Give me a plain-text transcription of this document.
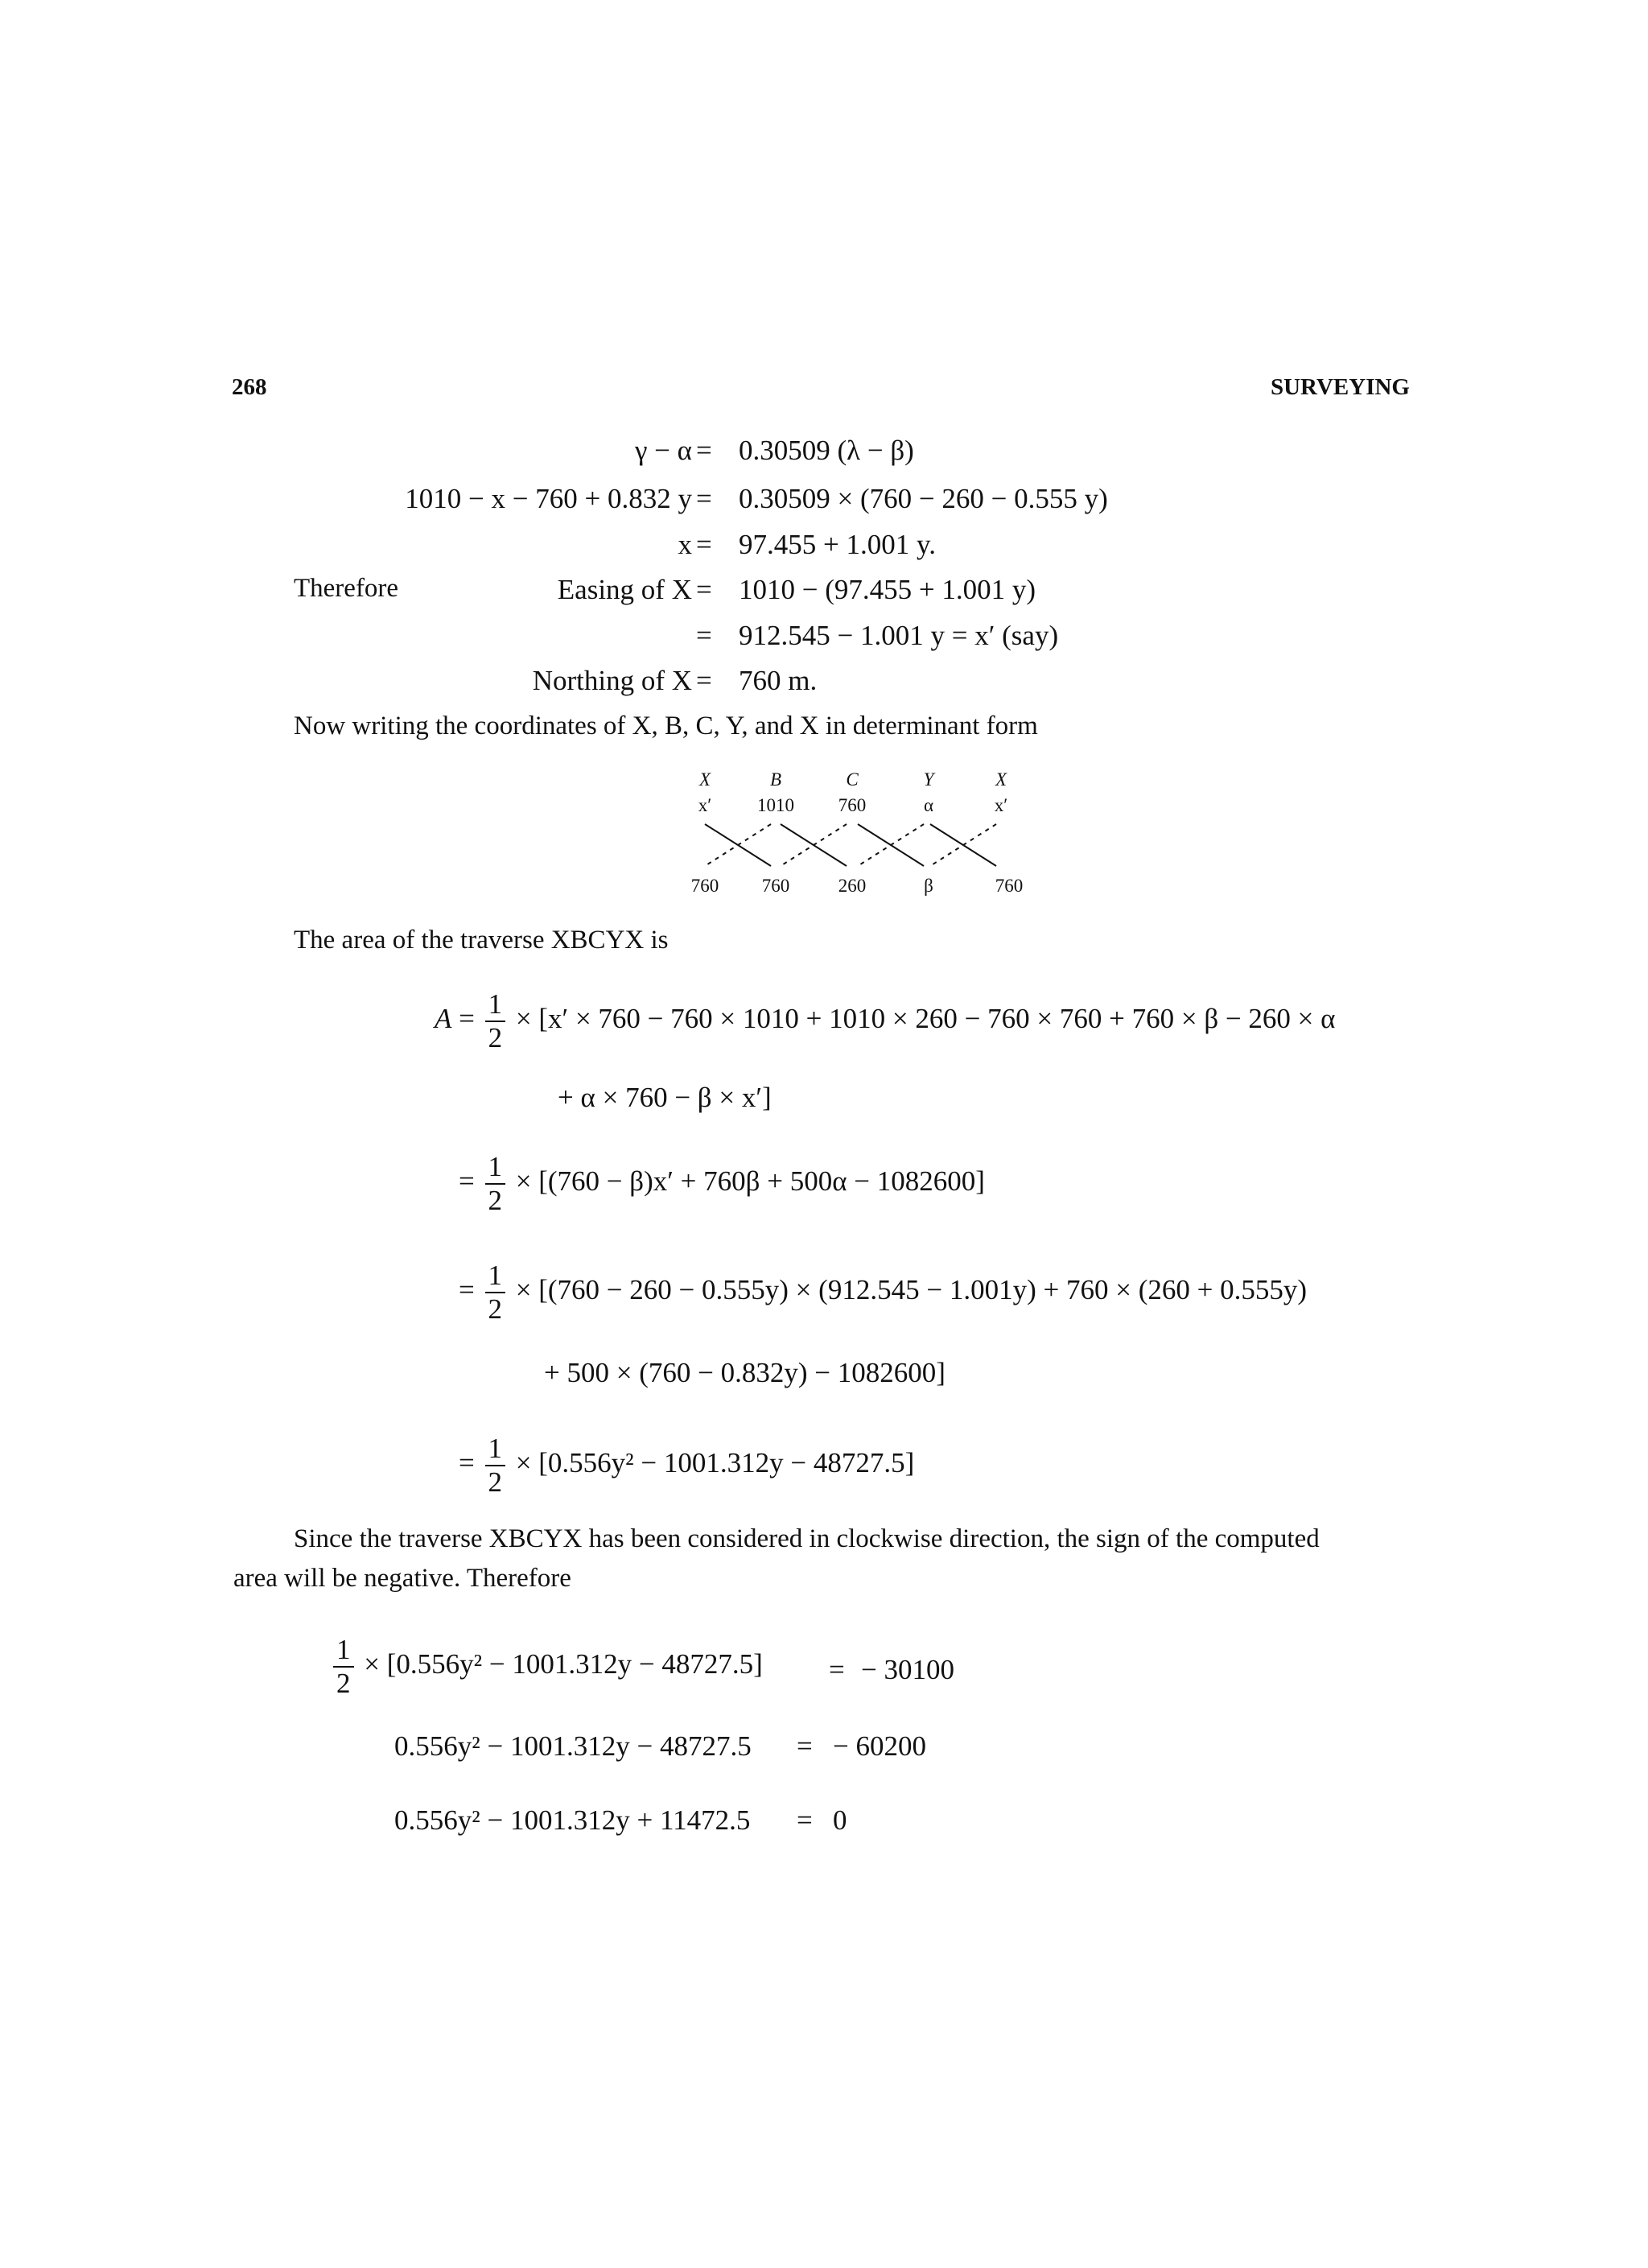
268	SURVEYING
γ − α = 0.30509 (λ − β)
1010 − x − 760 + 0.832 y = 0.30509 × (760 − 260 − 0.555 y)
x = 97.455 + 1.001 y.
Therefore	Easing of X = 1010 − (97.455 + 1.001 y)
= 912.545 − 1.001 y = x′ (say)
Northing of X = 760 m.
Now writing the coordinates of X, B, C, Y, and X in determinant form
X	B	C	Y	X
x′	1010	760	α	x′
760	760	260	β	760
The area of the traverse XBCYX is
$A = \frac{1}{2} \times [x' \times 760 - 760 \times 1010 + 1010 \times 260 - 760 \times 760 + 760 \times \beta - 260 \times \alpha$
+ α × 760 − β × x′]
= $\frac{1}{2} \times [(760 - \beta)x' + 760\beta + 500\alpha - 1082600]$
= $\frac{1}{2} \times [(760 - 260 - 0.555y) \times (912.545 - 1.001y) + 760 \times (260 + 0.555y)$
+ 500 × (760 − 0.832y) − 1082600]
= $\frac{1}{2} \times [0.556y^2 - 1001.312y - 48727.5]$
Since the traverse XBCYX has been considered in clockwise direction, the sign of the computed
area will be negative. Therefore
$\frac{1}{2} \times [0.556y^2 - 1001.312y - 48727.5]$ = − 30100
0.556y² − 1001.312y − 48727.5 = − 60200
0.556y² − 1001.312y + 11472.5 = 0
